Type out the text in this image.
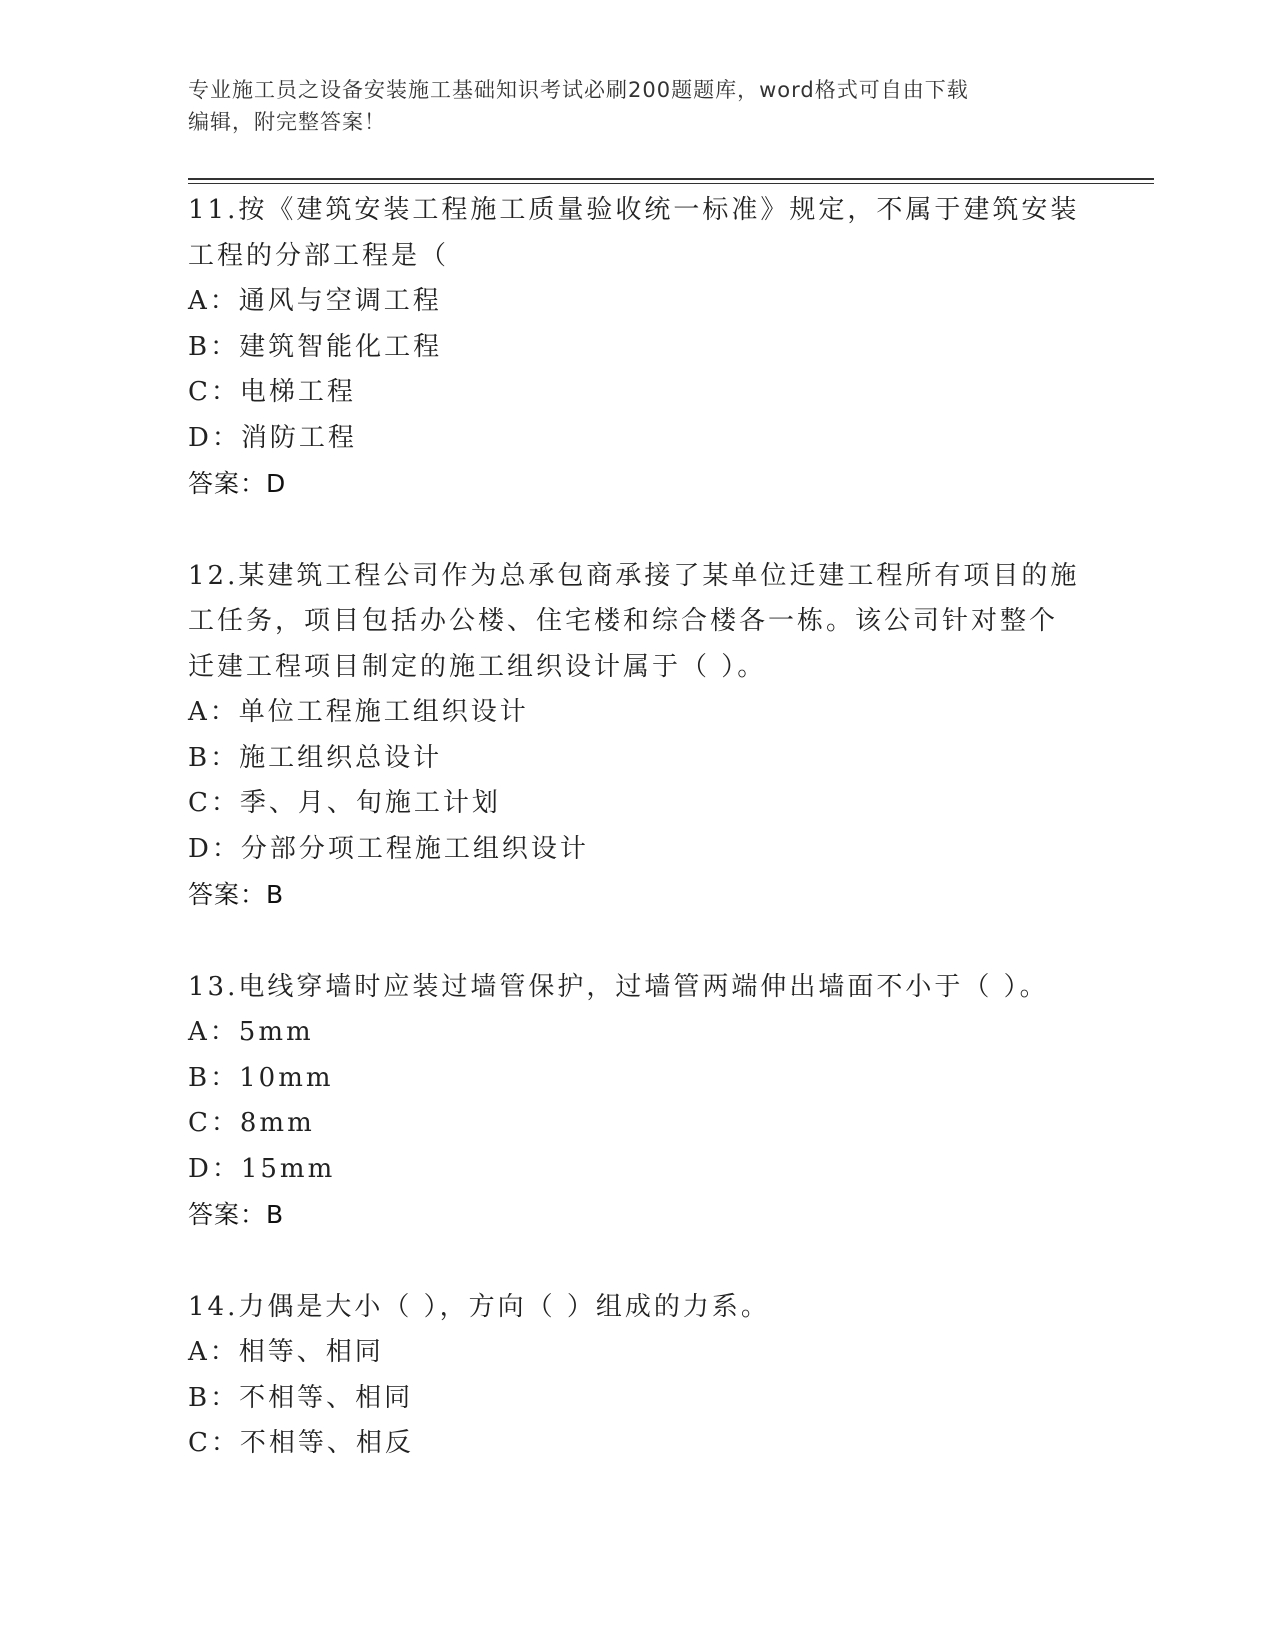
专业施工员之设备安装施工基础知识考试必刷200题题库，word格式可自由下载
编辑，附完整答案！

11.按《建筑安装工程施工质量验收统一标准》规定，不属于建筑安装

工程的分部工程是（

A：通风与空调工程

B：建筑智能化工程

C：电梯工程

D：消防工程

答案：D

12.某建筑工程公司作为总承包商承接了某单位迁建工程所有项目的施

工任务，项目包括办公楼、住宅楼和综合楼各一栋。该公司针对整个

迁建工程项目制定的施工组织设计属于（ ）。

A：单位工程施工组织设计

B：施工组织总设计

C：季、月、旬施工计划

D：分部分项工程施工组织设计

答案：B

13.电线穿墙时应装过墙管保护，过墙管两端伸出墙面不小于（ ）。

A：5mm

B：10mm

C：8mm

D：15mm

答案：B

14.力偶是大小（ ），方向（ ）组成的力系。

A：相等、相同

B：不相等、相同

C：不相等、相反
